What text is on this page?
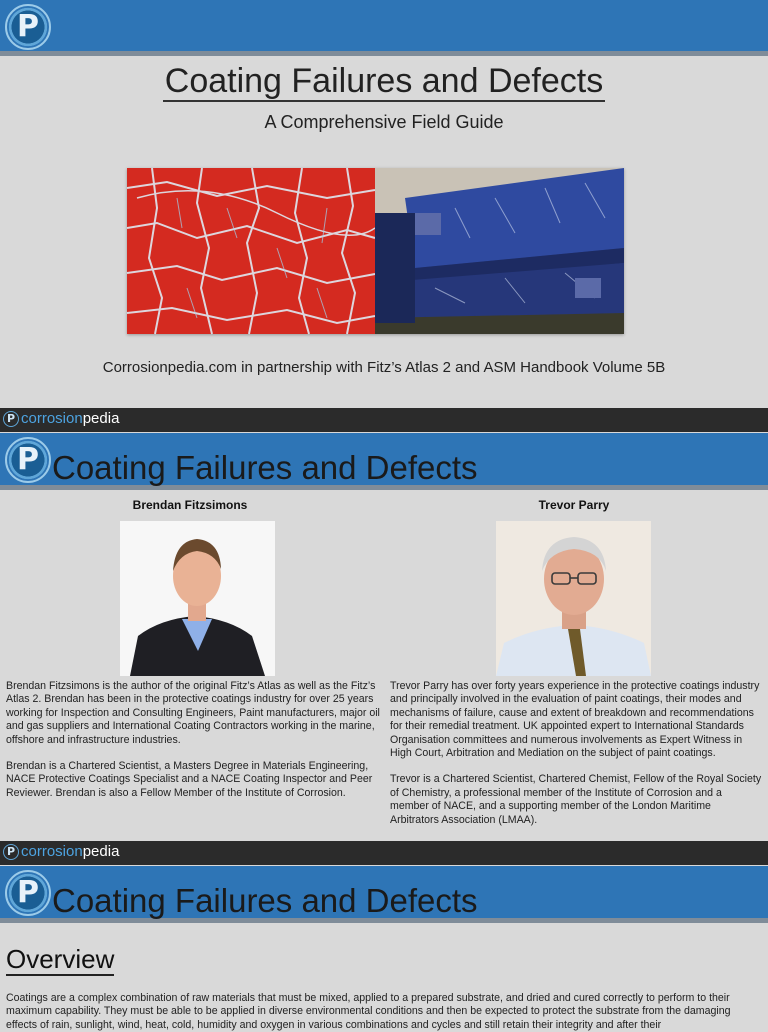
P
Coating Failures and Defects
A Comprehensive Field Guide
Corrosionpedia.com in partnership with Fitz’s Atlas 2 and ASM Handbook Volume 5B
P corrosionpedia
P Coating Failures and Defects
Brendan Fitzsimons	Trevor Parry

Brendan Fitzsimons is the author of the original Fitz’s Atlas as well as the Fitz’s Atlas 2. Brendan has been in the protective coatings industry for over 25 years working for Inspection and Consulting Engineers, Paint manufacturers, major oil and gas suppliers and International Coating Contractors working in the marine, offshore and infrastructure industries.

Brendan is a Chartered Scientist, a Masters Degree in Materials Engineering, NACE Protective Coatings Specialist and a NACE Coating Inspector and Peer Reviewer. Brendan is also a Fellow Member of the Institute of Corrosion.

Trevor Parry has over forty years experience in the protective coatings industry and principally involved in the evaluation of paint coatings, their modes and mechanisms of failure, cause and extent of breakdown and recommendations for their remedial treatment. UK appointed expert to International Standards Organisation committees and numerous involvements as Expert Witness in High Court, Arbitration and Mediation on the subject of paint coatings.

Trevor is a Chartered Scientist, Chartered Chemist, Fellow of the Royal Society of Chemistry, a professional member of the Institute of Corrosion and a member of NACE, and a supporting member of the London Maritime Arbitrators Association (LMAA).

P corrosionpedia
P Coating Failures and Defects
Overview
Coatings are a complex combination of raw materials that must be mixed, applied to a prepared substrate, and dried and cured correctly to perform to their maximum capability. They must be able to be applied in diverse environmental conditions and then be expected to protect the substrate from the damaging effects of rain, sunlight, wind, heat, cold, humidity and oxygen in various combinations and cycles and still retain their integrity and after their
